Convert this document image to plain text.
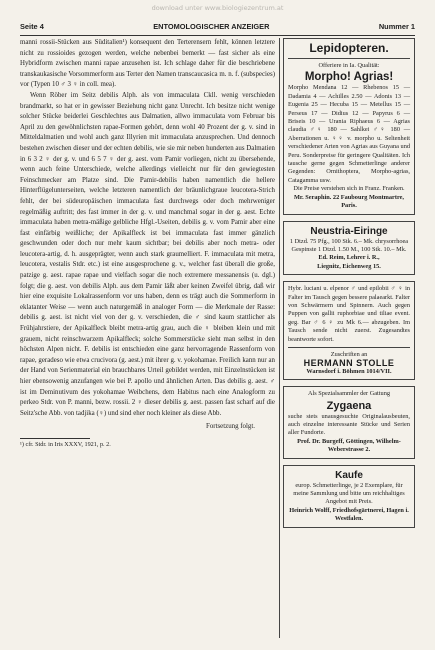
download unter www.biologiezentrum.at
Seite 4	ENTOMOLOGISCHER ANZEIGER	Nummer 1

manni rossii-Stücken aus Süditalien¹) konsequent den Terterensern fehlt, können letztere nicht zu rossioides gezogen werden, welche nebenbei bemerkt — fast sicher als eine Hybridform zwischen manni rapae anzusehen ist. Ich schlage daher für die beschriebene transkaukasische Vorsommerform aus Terter den Namen transcaucasica m. n. f. (subspecies) vor (Typen 10 ♂ 3 ♀ in coll. mea).

Wenn Röber im Seitz debilis Alph. als von immaculata Ckll. wenig verschieden brandmarkt, so hat er in gewisser Beziehung nicht ganz Unrecht. Ich besitze nicht wenige solcher Stücke beiderlei Geschlechtes aus Dalmatien, allwo immaculata vom Februar bis April zu den gewöhnlichsten rapae-Formen gehört, denn wohl 40 Prozent der g. v. sind in Mitteldalmatien und wohl auch ganz Illyrien mit immaculata anzusprechen. Und dennoch bestehen zwischen dieser und der echten debilis, wie sie mir neben hunderten aus Dalmatien in 6 3 2 ♀ der g. v. und 6 5 7 ♀ der g. aest. vom Pamir vorliegen, nicht zu übersehende, wenn auch feine Unterschiede, welche allerdings vielleicht nur für den gewiegtesten Feinschmecker am Platze sind. Die Pamir-debilis haben namentlich die hellere Hinterflügelunterseiten, welche letzteren namentlich der bräunlichgraue leucotera-Strich fehlt, der bei südeuropäischen immaculata fast durchwegs oder doch mehrweniger regelmäßig auftritt; des fast immer in der g. v. und manchmal sogar in der g. aest. Echte immaculata haben metra-mäßige gelbliche Hfgl.-Useiten, debilis g. v. vom Pamir aber eine fast einfärbig weißliche; der Apikalfleck ist bei immaculata fast immer gänzlich geschwunden oder doch nur mehr kaum sichtbar; bei debilis aber noch metra- oder leucotera-artig, d. h. ausgeprägter, wenn auch stark graumelliert. F. immaculata mit metra, leucotera, vestalis Stdr. etc.) ist eine ausgesprochene g. v., welcher fast überall die große, patzige g. aest. rapae rapae und vielfach sogar die noch extremere messanensis (u. dgl.) folgt; die g. aest. von debilis Alph. aus dem Pamir läßt aber keinen Zweifel übrig, daß wir hier eine exquisite Lokalrassenform vor uns haben, denn es trägt auch die Sommerform in eklatanter Weise — wenn auch naturgemäß in analoger Form — die Merkmale der Rasse: debilis g. aest. ist nicht viel von der g. v. verschieden, die ♂ sind kaum stattlicher als Frühjahrstiere, der Apikalfleck bleibt metra-artig grau, auch die ♀ bleiben klein und mit grauem, nicht reinschwarzem Apikalfleck; solche Sommerstücke sieht man selbst in den höchsten Alpen nicht. F. debilis ist entschieden eine ganz hervorragende Rassenform von rapae, geradeso wie etwa crucivora (g. aest.) mit ihrer g. v. yokohamae. Freilich kann nur an der Hand von Serienmaterial ein brauchbares Urteil gebildet werden, mit Einzelnstücken ist hier ebensowenig anzufangen wie bei P. apollo und ähnlichen Arten. Das debilis g. aest. ♂ ist im Deminutivum des yokohamae Weibchens, dem Habitus nach eine Analogform zu perkeo Stdr. von P. manni, bezw. rossii. 2 ♀ dieser debilis g. aest. passen fast scharf auf die Seitz'sche Abb. von tadjika (♀) und sind eher noch kleiner als diese Abb.

Fortsetzung folgt.
¹) cfr. Stdr. in Iris XXXV, 1921, p. 2.
Lepidopteren.
Offeriere in Ia. Qualität:
Morpho! Agrias!
Morpho Mendana 12 — Rhebenos 15 — Dadamia 4 — Achilles 2.50 — Adonis 13 — Eugenia 25 — Hecuba 15 — Metellus 15 — Perseus 17 — Didius 12 — Papyrus 6 — Briseis 10 — Urania Riphaeus 6 — Agrias claudia ♂♀ 180 — Sahlkei ♂♀ 180 — Aberrationen u. ♀♀ v. morpho u. Seltenheit verschiedener Arten von Agrias aus Guyana und Peru. Sonderpreise für geringere Qualitäten. Ich tausche gerne gegen Schmetterlinge anderer Gegenden: Ornithoptera, Morpho-agrias, Catagamma usw.
Die Preise verstehen sich in Franz. Franken.
Mr. Seraphin. 22 Faubourg Montmartre, Paris.
Neustria-Eiringe
1 Dtzd. 75 Pfg., 100 Stk. 6.– Mk. chrysorrhoea Gespinste 1 Dtzd. 1.50 M., 100 Stk. 10.– Mk.
Ed. Reim, Lehrer i. R.,
Liegnitz, Eichenweg 15.
Hybr. luciani u. elpenor ♂ und epilobii ♂ ♀ in Falter im Tausch gegen bessere palaearkt. Falter von Schwärmern und Spinnern. Auch gegen Puppen von gallii ruphorbiae und tiliae event. geg. Bar ♂ 6 ♀ zu Mk 6.— abzugeben. Im Tausch sende nicht zuerst. Zugesandtes beantworte sofort.
Zuschriften an
HERMANN STOLLE
Warnsdorf i. Böhmen 1014/VII.
Als Spezialsammler der Gattung
Zygaena
suche stets unausgesuchte Originalausbeuten, auch einzelne interessante Stücke und Serien aller Fundorte.
Prof. Dr. Burgeff, Göttingen, Wilhelm-Weberstrasse 2.
Kaufe
europ. Schmetterlinge, je 2 Exemplare, für meine Sammlung und bitte um reichhaltiges Angebot mit Preis.
Heinrich Wolff, Friedhofsgärtnerei, Hagen i. Westfalen.
